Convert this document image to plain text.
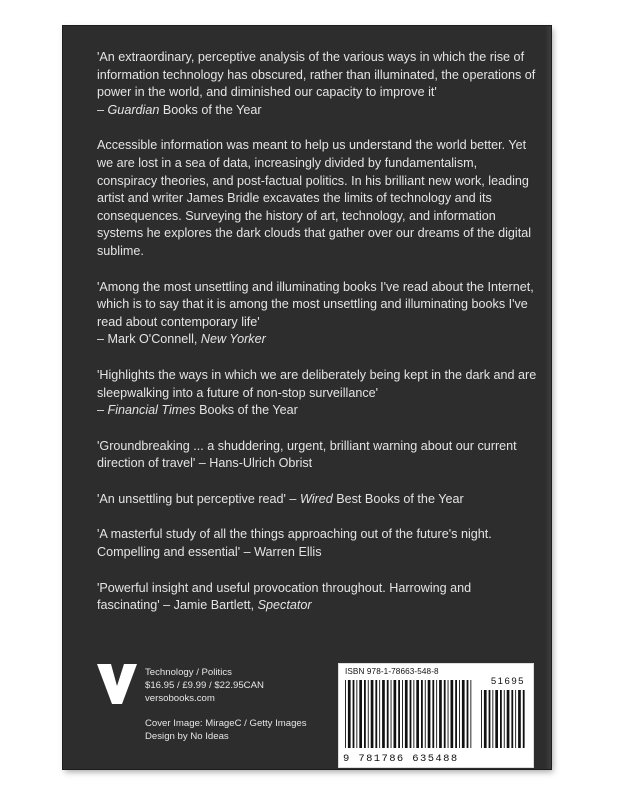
'An extraordinary, perceptive analysis of the various ways in which the rise of information technology has obscured, rather than illuminated, the operations of power in the world, and diminished our capacity to improve it'
– Guardian Books of the Year

Accessible information was meant to help us understand the world better. Yet we are lost in a sea of data, increasingly divided by fundamentalism, conspiracy theories, and post-factual politics. In his brilliant new work, leading artist and writer James Bridle excavates the limits of technology and its consequences. Surveying the history of art, technology, and information systems he explores the dark clouds that gather over our dreams of the digital sublime.

'Among the most unsettling and illuminating books I've read about the Internet, which is to say that it is among the most unsettling and illuminating books I've read about contemporary life'
– Mark O'Connell, New Yorker

'Highlights the ways in which we are deliberately being kept in the dark and are sleepwalking into a future of non-stop surveillance'
– Financial Times Books of the Year

'Groundbreaking ... a shuddering, urgent, brilliant warning about our current direction of travel' – Hans-Ulrich Obrist

'An unsettling but perceptive read' – Wired Best Books of the Year

'A masterful study of all the things approaching out of the future's night. Compelling and essential' – Warren Ellis

'Powerful insight and useful provocation throughout. Harrowing and fascinating' – Jamie Bartlett, Spectator

Technology / Politics
$16.95 / £9.99 / $22.95CAN
versobooks.com
Cover Image: MirageC / Getty Images
Design by No Ideas
ISBN 978-1-78663-548-8
51695
9 781786 635488
